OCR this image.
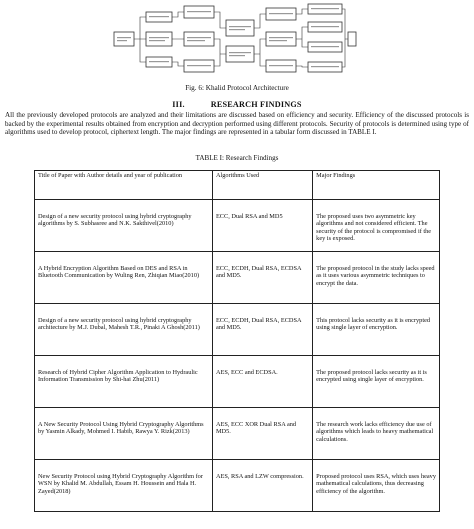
Fig. 6: Khalid Protocol Architecture
III.	RESEARCH FINDINGS
All the previously developed protocols are analyzed and their limitations are discussed based on efficiency and security. Efficiency of the discussed protocols is backed by the experimental results obtained from encryption and decryption performed using different protocols. Security of protocols is determined using type of algorithms used to develop protocol, ciphertext length. The major findings are represented in a tabular form discussed in TABLE I.
TABLE I: Research Findings
Title of Paper with Author details and year of publication	Algorithms Used	Major Findings

Design of a new security protocol using hybrid cryptography algorithms by S. Subhasree and N.K. Sakthivel(2010)	ECC, Dual RSA and MD5	The proposed uses two asymmetric key algorithms and not considered efficient. The security of the protocol is compromised if the key is exposed.

A Hybrid Encryption Algorithm Based on DES and RSA in Bluetooth Communication by Wuling Ren, Zhiqian Miao(2010)	ECC, ECDH, Dual RSA, ECDSA and MD5.	The proposed protocol in the study lacks speed as it uses various asymmetric techniques to encrypt the data.

Design of a new security protocol using hybrid cryptography architecture by M.J. Dubal, Mahesh T.R., Pinaki A Ghosh(2011)	ECC, ECDH, Dual RSA, ECDSA and MD5.	This protocol lacks security as it is encrypted using single layer of encryption.

Research of Hybrid Cipher Algorithm Application to Hydraulic Information Transmission by Shi-hai Zhu(2011)	AES, ECC and ECDSA.	The proposed protocol lacks security as it is encrypted using single layer of encryption.

A New Security Protocol Using Hybrid Cryptography Algorithms by Yasmin Alkady, Mohmed I. Habib, Rawya Y. Rizk(2013)	AES, ECC XOR Dual RSA and MD5.	The research work lacks efficiency due use of algorithms which leads to heavy mathematical calculations.

New Security Protocol using Hybrid Cryptography Algorithm for WSN by Khalid M. Abdullah, Essam H. Houssein and Hala H. Zayed(2018)	AES, RSA and LZW compression.	Proposed protocol uses RSA, which uses heavy mathematical calculations, thus decreasing efficiency of the algorithm.
